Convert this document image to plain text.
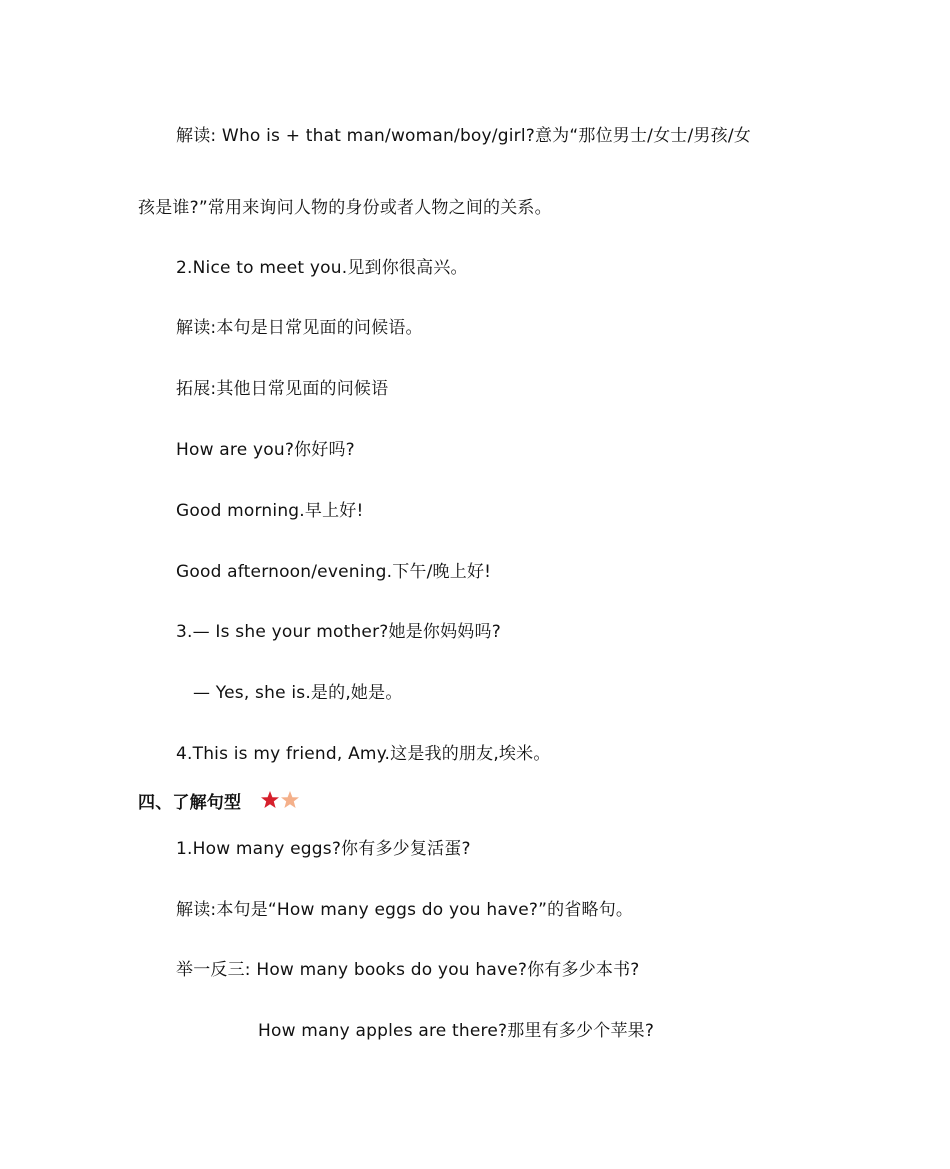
解读: Who is + that man/woman/boy/girl?意为“那位男士/女士/男孩/女
孩是谁?”常用来询问人物的身份或者人物之间的关系。
2.Nice to meet you.见到你很高兴。
解读:本句是日常见面的问候语。
拓展:其他日常见面的问候语
How are you?你好吗?
Good morning.早上好!
Good afternoon/evening.下午/晚上好!
3.— Is she your mother?她是你妈妈吗?
— Yes, she is.是的,她是。
4.This is my friend, Amy.这是我的朋友,埃米。
四、了解句型
1.How many eggs?你有多少复活蛋?
解读:本句是“How many eggs do you have?”的省略句。
举一反三: How many books do you have?你有多少本书?
How many apples are there?那里有多少个苹果?
